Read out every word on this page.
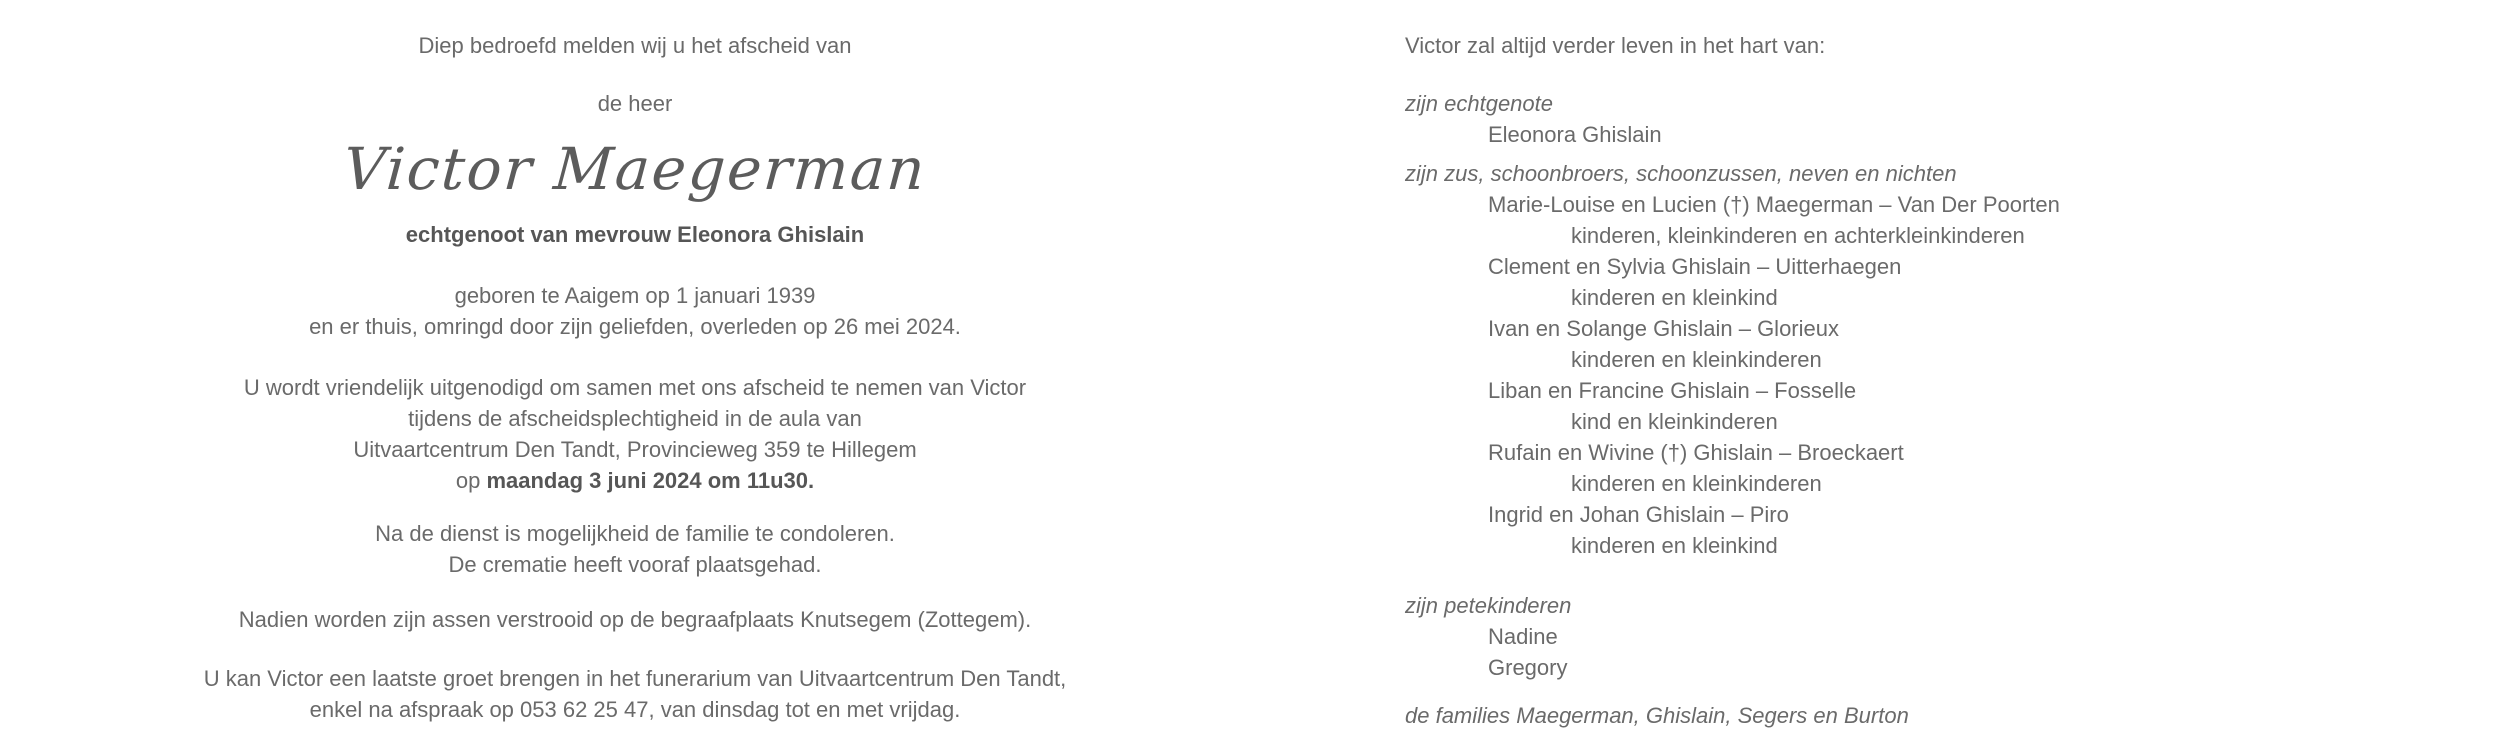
Diep bedroefd melden wij u het afscheid van

de heer

Victor Maegerman

echtgenoot van mevrouw Eleonora Ghislain

geboren te Aaigem op 1 januari 1939
en er thuis, omringd door zijn geliefden, overleden op 26 mei 2024.
U wordt vriendelijk uitgenodigd om samen met ons afscheid te nemen van Victor
tijdens de afscheidsplechtigheid in de aula van
Uitvaartcentrum Den Tandt, Provincieweg 359 te Hillegem
op maandag 3 juni 2024 om 11u30.
Na de dienst is mogelijkheid de familie te condoleren.
De crematie heeft vooraf plaatsgehad.

Nadien worden zijn assen verstrooid op de begraafplaats Knutsegem (Zottegem).

U kan Victor een laatste groet brengen in het funerarium van Uitvaartcentrum Den Tandt,
enkel na afspraak op 053 62 25 47, van dinsdag tot en met vrijdag.

Victor zal altijd verder leven in het hart van:

zijn echtgenote

Eleonora Ghislain

zijn zus, schoonbroers, schoonzussen, neven en nichten

Marie-Louise en Lucien (†) Maegerman – Van Der Poorten

kinderen, kleinkinderen en achterkleinkinderen

Clement en Sylvia Ghislain – Uitterhaegen

kinderen en kleinkind

Ivan en Solange Ghislain – Glorieux

kinderen en kleinkinderen

Liban en Francine Ghislain – Fosselle

kind en kleinkinderen

Rufain en Wivine (†) Ghislain – Broeckaert

kinderen en kleinkinderen

Ingrid en Johan Ghislain – Piro

kinderen en kleinkind

zijn petekinderen

Nadine

Gregory

de families Maegerman, Ghislain, Segers en Burton
